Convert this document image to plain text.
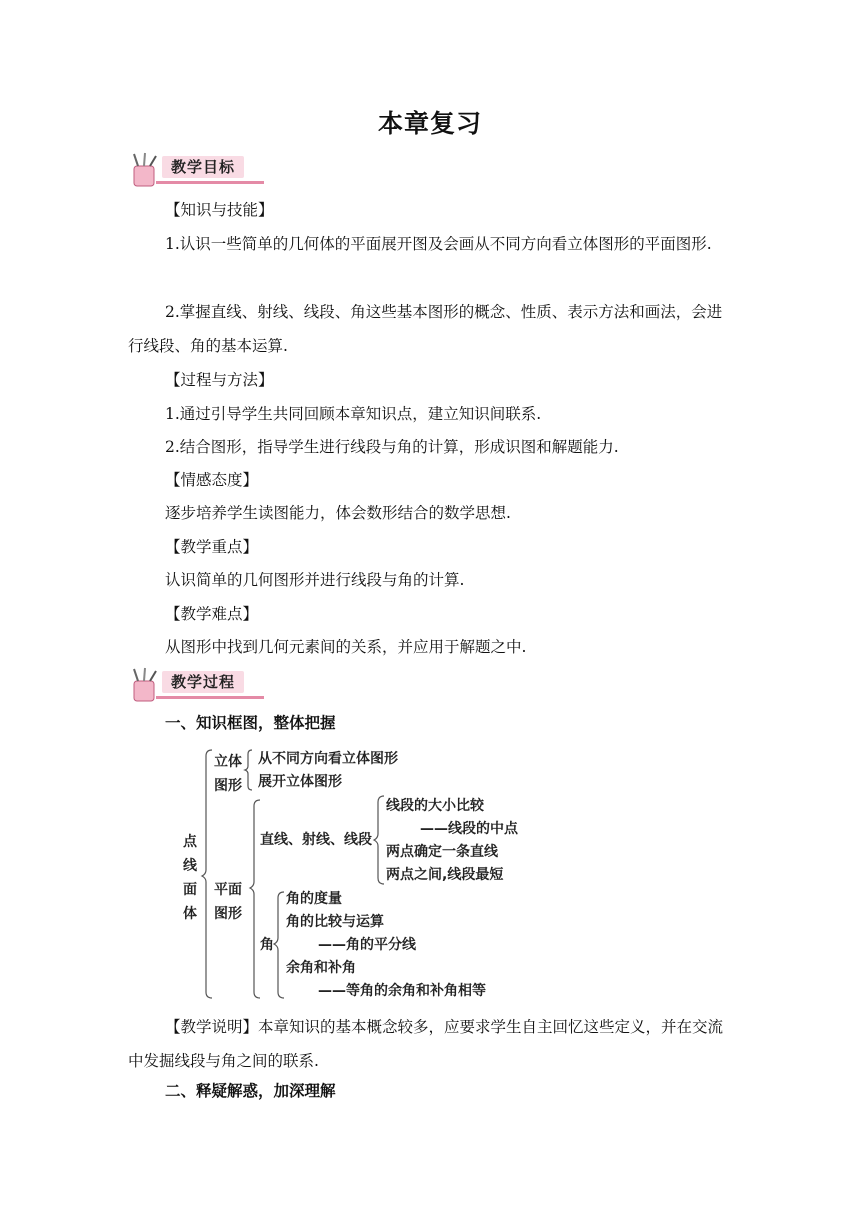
本章复习
教学目标
【知识与技能】
1.认识一些简单的几何体的平面展开图及会画从不同方向看立体图形的平面图形.
2.掌握直线、射线、线段、角这些基本图形的概念、性质、表示方法和画法，会进行线段、角的基本运算.
【过程与方法】
1.通过引导学生共同回顾本章知识点，建立知识间联系.
2.结合图形，指导学生进行线段与角的计算，形成识图和解题能力.
【情感态度】
逐步培养学生读图能力，体会数形结合的数学思想.
【教学重点】
认识简单的几何图形并进行线段与角的计算.
【教学难点】
从图形中找到几何元素间的关系，并应用于解题之中.
教学过程
一、知识框图，整体把握
点线面体
立体图形
从不同方向看立体图形
展开立体图形
平面图形
直线、射线、线段
线段的大小比较
——线段的中点
两点确定一条直线
两点之间,线段最短
角
角的度量
角的比较与运算
——角的平分线
余角和补角
——等角的余角和补角相等
【教学说明】本章知识的基本概念较多，应要求学生自主回忆这些定义，并在交流中发掘线段与角之间的联系.
二、释疑解惑，加深理解
